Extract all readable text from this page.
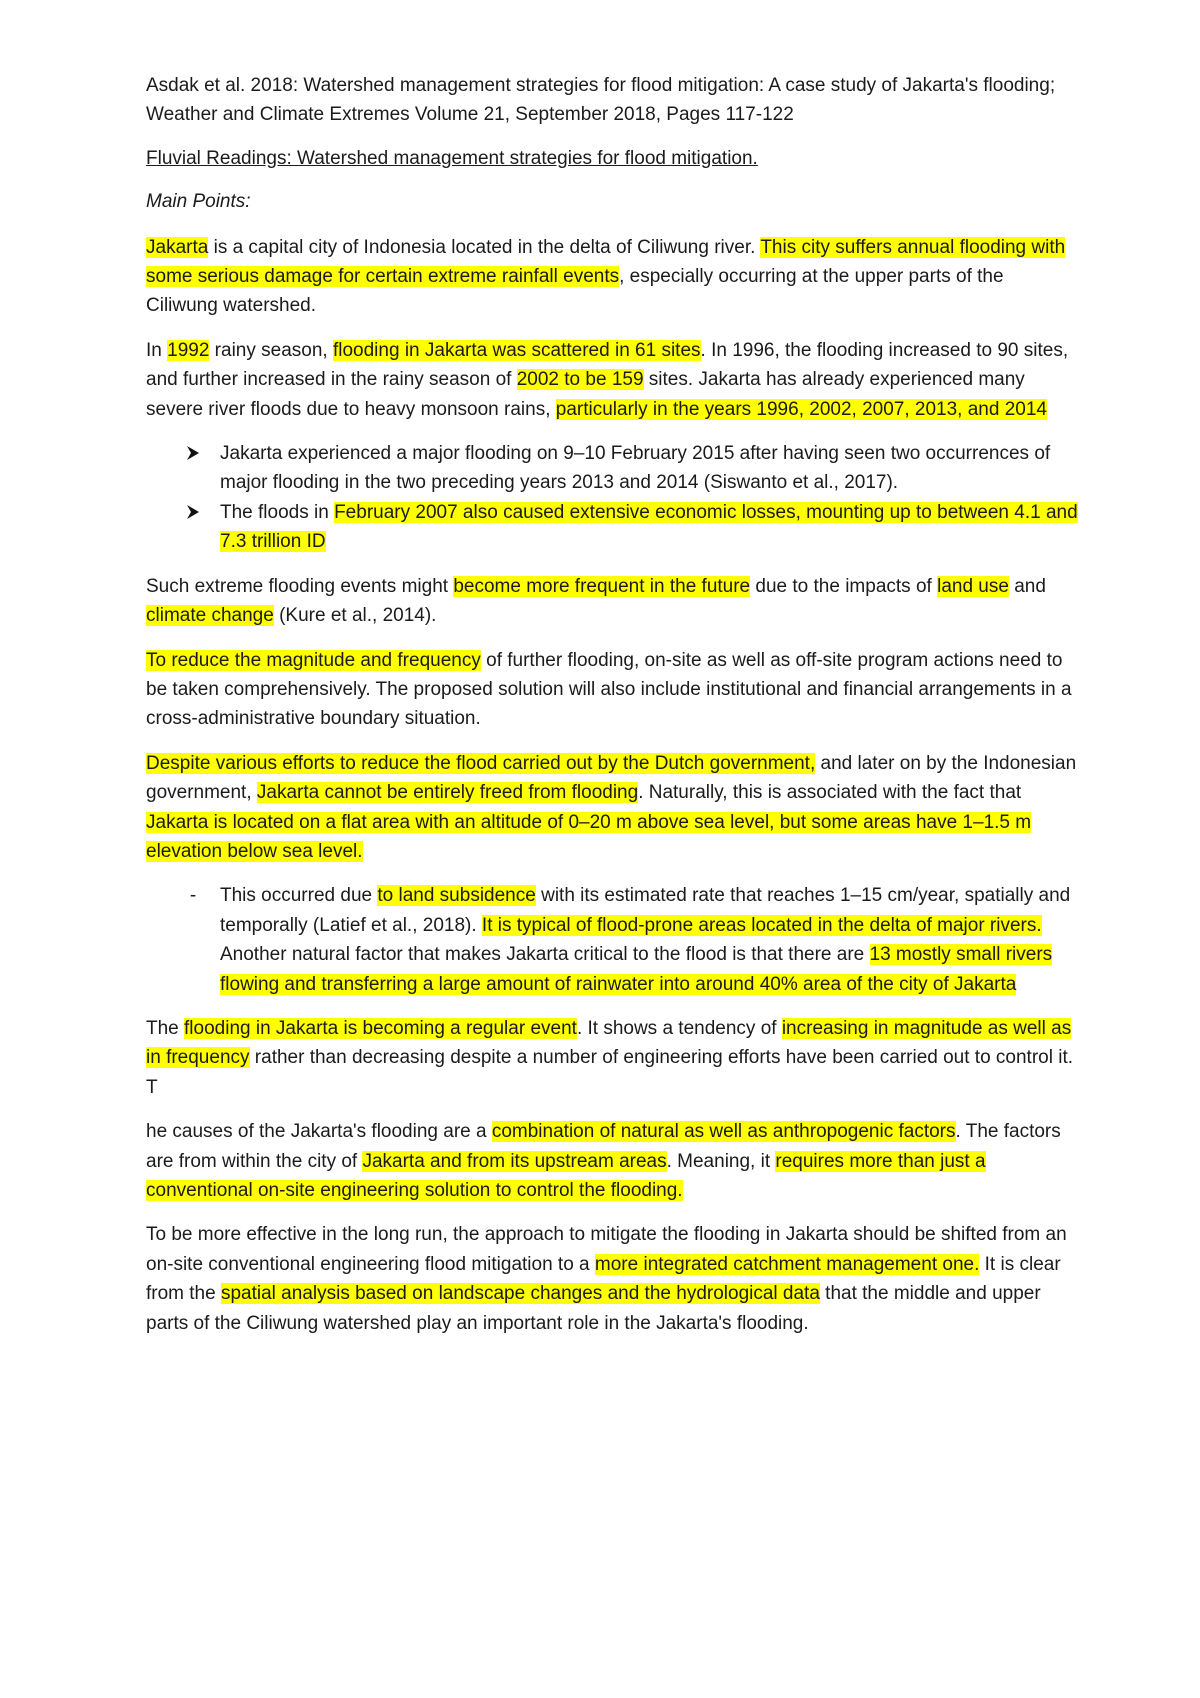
Asdak et al. 2018: Watershed management strategies for flood mitigation: A case study of Jakarta's flooding; Weather and Climate Extremes Volume 21, September 2018, Pages 117-122

Fluvial Readings: Watershed management strategies for flood mitigation.

Main Points:

Jakarta is a capital city of Indonesia located in the delta of Ciliwung river. This city suffers annual flooding with some serious damage for certain extreme rainfall events, especially occurring at the upper parts of the Ciliwung watershed.

In 1992 rainy season, flooding in Jakarta was scattered in 61 sites. In 1996, the flooding increased to 90 sites, and further increased in the rainy season of 2002 to be 159 sites. Jakarta has already experienced many severe river floods due to heavy monsoon rains, particularly in the years 1996, 2002, 2007, 2013, and 2014

Jakarta experienced a major flooding on 9–10 February 2015 after having seen two occurrences of major flooding in the two preceding years 2013 and 2014 (Siswanto et al., 2017).
The floods in February 2007 also caused extensive economic losses, mounting up to between 4.1 and 7.3 trillion ID

Such extreme flooding events might become more frequent in the future due to the impacts of land use and climate change (Kure et al., 2014).

To reduce the magnitude and frequency of further flooding, on-site as well as off-site program actions need to be taken comprehensively. The proposed solution will also include institutional and financial arrangements in a cross-administrative boundary situation.

Despite various efforts to reduce the flood carried out by the Dutch government, and later on by the Indonesian government, Jakarta cannot be entirely freed from flooding. Naturally, this is associated with the fact that Jakarta is located on a flat area with an altitude of 0–20 m above sea level, but some areas have 1–1.5 m elevation below sea level.

-	This occurred due to land subsidence with its estimated rate that reaches 1–15 cm/year, spatially and temporally (Latief et al., 2018). It is typical of flood-prone areas located in the delta of major rivers. Another natural factor that makes Jakarta critical to the flood is that there are 13 mostly small rivers flowing and transferring a large amount of rainwater into around 40% area of the city of Jakarta

The flooding in Jakarta is becoming a regular event. It shows a tendency of increasing in magnitude as well as in frequency rather than decreasing despite a number of engineering efforts have been carried out to control it. T

he causes of the Jakarta's flooding are a combination of natural as well as anthropogenic factors. The factors are from within the city of Jakarta and from its upstream areas. Meaning, it requires more than just a conventional on-site engineering solution to control the flooding.

To be more effective in the long run, the approach to mitigate the flooding in Jakarta should be shifted from an on-site conventional engineering flood mitigation to a more integrated catchment management one. It is clear from the spatial analysis based on landscape changes and the hydrological data that the middle and upper parts of the Ciliwung watershed play an important role in the Jakarta's flooding.
